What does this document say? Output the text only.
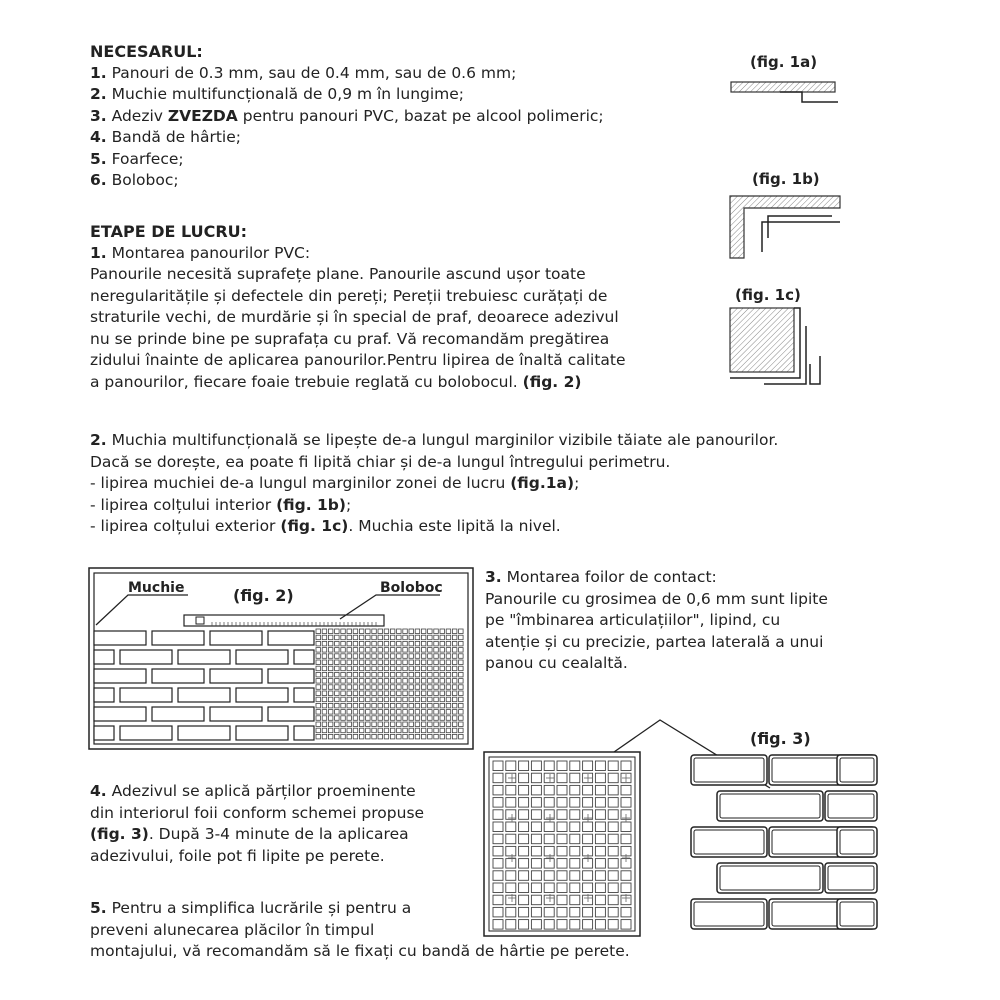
NECESARUL:
1. Panouri de 0.3 mm, sau de 0.4 mm, sau de 0.6 mm;
2. Muchie multifuncțională de 0,9 m în lungime;
3. Adeziv ZVEZDA pentru panouri PVC, bazat pe alcool polimeric;
4. Bandă de hârtie;
5. Foarfece;
6. Boloboc;
ETAPE DE LUCRU:
1. Montarea panourilor PVC:
Panourile necesită suprafețe plane. Panourile ascund ușor toate
neregularitățile și defectele din pereți; Pereții trebuiesc curățați de
straturile vechi, de murdărie și în special de praf, deoarece adezivul
nu se prinde bine pe suprafața cu praf. Vă recomandăm pregătirea
zidului înainte de aplicarea panourilor.Pentru lipirea de înaltă calitate
a panourilor, fiecare foaie trebuie reglată cu bolobocul. (fig. 2)
2. Muchia multifuncțională se lipește de-a lungul marginilor vizibile tăiate ale panourilor.
Dacă se dorește, ea poate fi lipită chiar și de-a lungul întregului perimetru.
- lipirea muchiei de-a lungul marginilor zonei de lucru (fig.1a);
- lipirea colțului interior (fig. 1b);
- lipirea colțului exterior (fig. 1c). Muchia este lipită la nivel.
3. Montarea foilor de contact:
Panourile cu grosimea de 0,6 mm sunt lipite
pe "îmbinarea articulațiilor", lipind, cu
atenție și cu precizie, partea laterală a unui
panou cu cealaltă.
4. Adezivul se aplică părților proeminente
din interiorul foii conform schemei propuse
(fig. 3). După 3-4 minute de la aplicarea
adezivului, foile pot fi lipite pe perete.
5. Pentru a simplifica lucrările și pentru a
preveni alunecarea plăcilor în timpul
montajului, vă recomandăm să le fixați cu bandă de hârtie pe perete.
(fig. 1a)
(fig. 1b)
(fig. 1c)
Muchie	(fig. 2)	Boloboc
(fig. 3)
